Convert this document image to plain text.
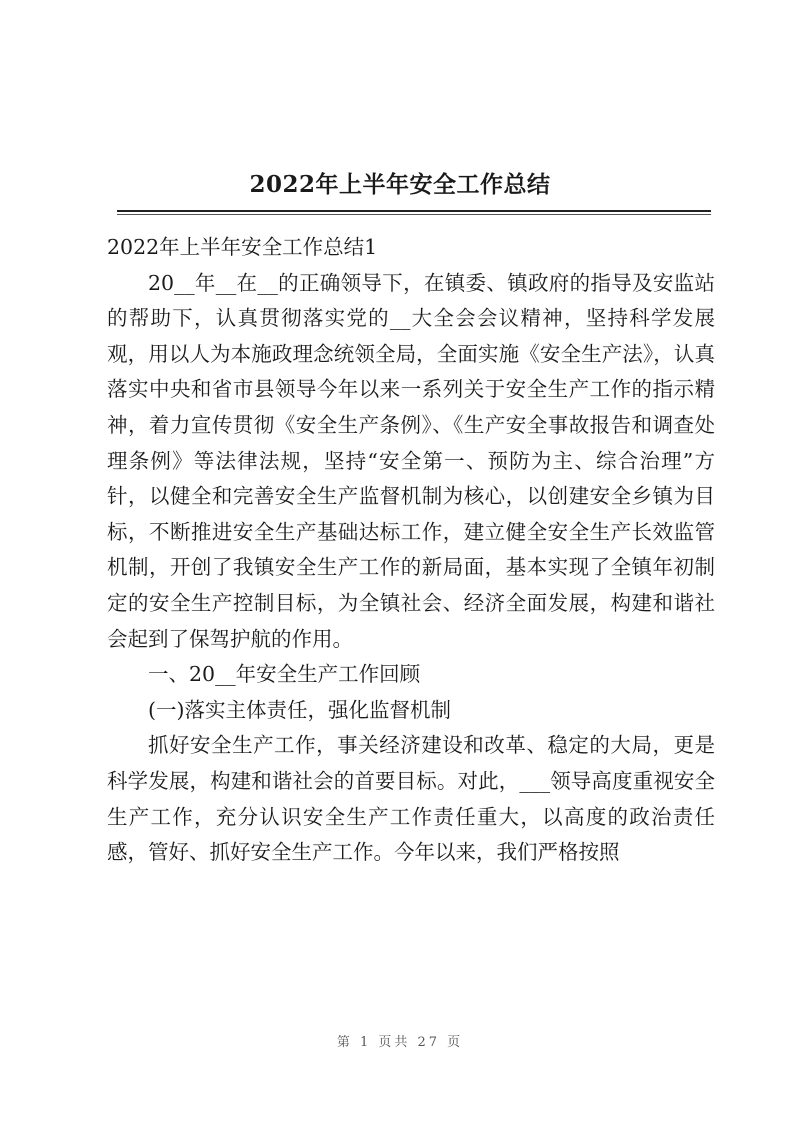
2022年上半年安全工作总结

2022年上半年安全工作总结1

20__年__在__的正确领导下，在镇委、镇政府的指导及安监站的帮助下，认真贯彻落实党的__大全会会议精神，坚持科学发展观，用以人为本施政理念统领全局，全面实施《安全生产法》，认真落实中央和省市县领导今年以来一系列关于安全生产工作的指示精神，着力宣传贯彻《安全生产条例》、《生产安全事故报告和调查处理条例》等法律法规，坚持“安全第一、预防为主、综合治理”方针，以健全和完善安全生产监督机制为核心，以创建安全乡镇为目标，不断推进安全生产基础达标工作，建立健全安全生产长效监管机制，开创了我镇安全生产工作的新局面，基本实现了全镇年初制定的安全生产控制目标，为全镇社会、经济全面发展，构建和谐社会起到了保驾护航的作用。

一、20__年安全生产工作回顾

(一)落实主体责任，强化监督机制

抓好安全生产工作，事关经济建设和改革、稳定的大局，更是科学发展，构建和谐社会的首要目标。对此，___领导高度重视安全生产工作，充分认识安全生产工作责任重大，以高度的政治责任感，管好、抓好安全生产工作。今年以来，我们严格按照

第 1 页共 27 页
